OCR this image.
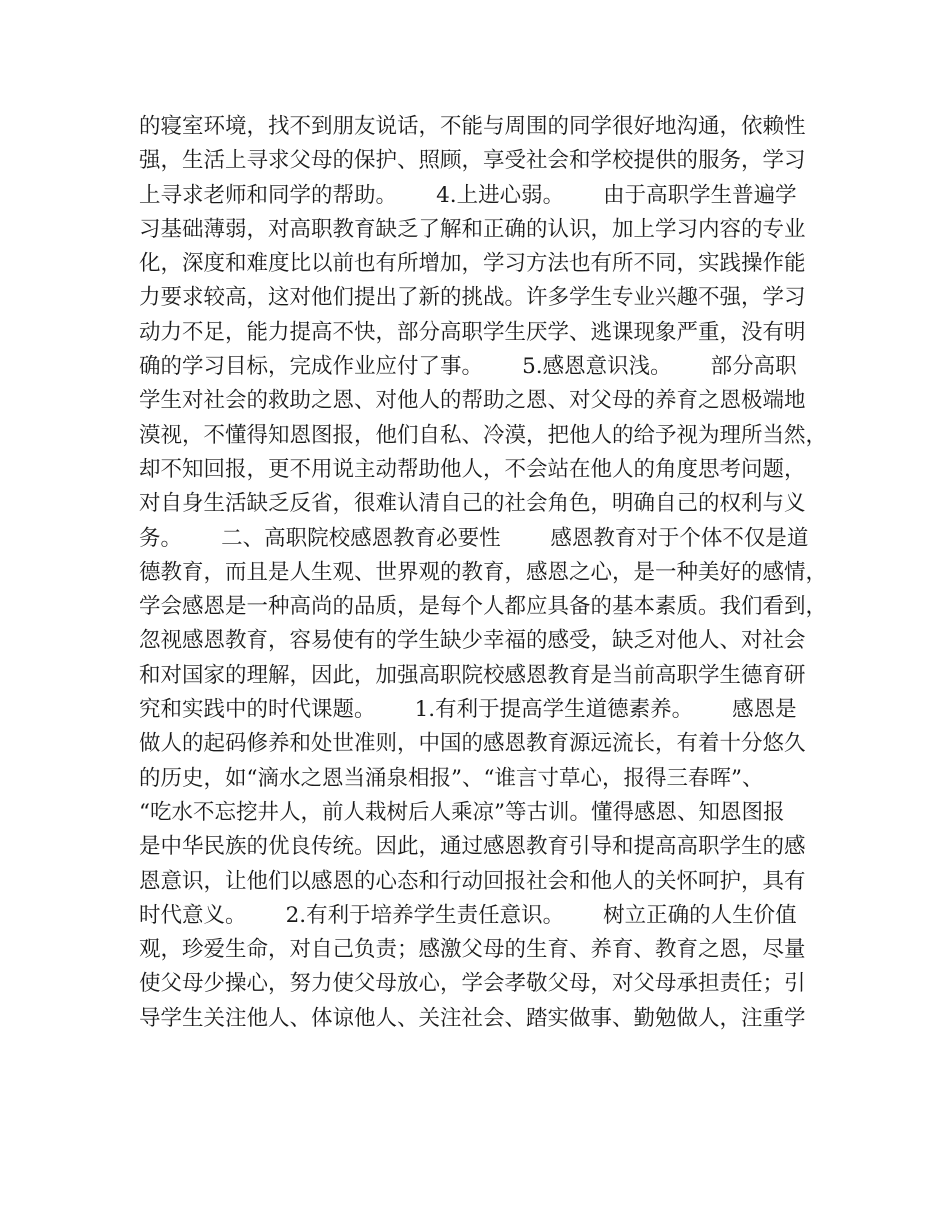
的寝室环境，找不到朋友说话，不能与周围的同学很好地沟通，依赖性
强，生活上寻求父母的保护、照顾，享受社会和学校提供的服务，学习
上寻求老师和同学的帮助。　　 4.上进心弱。　　 由于高职学生普遍学
习基础薄弱，对高职教育缺乏了解和正确的认识，加上学习内容的专业
化，深度和难度比以前也有所增加，学习方法也有所不同，实践操作能
力要求较高，这对他们提出了新的挑战。许多学生专业兴趣不强，学习
动力不足，能力提高不快，部分高职学生厌学、逃课现象严重，没有明
确的学习目标，完成作业应付了事。　　 5.感恩意识浅。　　 部分高职
学生对社会的救助之恩、对他人的帮助之恩、对父母的养育之恩极端地
漠视，不懂得知恩图报，他们自私、冷漠，把他人的给予视为理所当然，
却不知回报，更不用说主动帮助他人，不会站在他人的角度思考问题，
对自身生活缺乏反省，很难认清自己的社会角色，明确自己的权利与义
务。　　 二、高职院校感恩教育必要性　　 感恩教育对于个体不仅是道
德教育，而且是人生观、世界观的教育，感恩之心，是一种美好的感情，
学会感恩是一种高尚的品质，是每个人都应具备的基本素质。我们看到，
忽视感恩教育，容易使有的学生缺少幸福的感受，缺乏对他人、对社会
和对国家的理解，因此，加强高职院校感恩教育是当前高职学生德育研
究和实践中的时代课题。　　 1.有利于提高学生道德素养。　　 感恩是
做人的起码修养和处世准则，中国的感恩教育源远流长，有着十分悠久
的历史，如“滴水之恩当涌泉相报”、“谁言寸草心，报得三春晖”、
“吃水不忘挖井人，前人栽树后人乘凉”等古训。懂得感恩、知恩图报
是中华民族的优良传统。因此，通过感恩教育引导和提高高职学生的感
恩意识，让他们以感恩的心态和行动回报社会和他人的关怀呵护，具有
时代意义。　　 2.有利于培养学生责任意识。　　 树立正确的人生价值
观，珍爱生命，对自己负责；感激父母的生育、养育、教育之恩，尽量
使父母少操心，努力使父母放心，学会孝敬父母，对父母承担责任；引
导学生关注他人、体谅他人、关注社会、踏实做事、勤勉做人，注重学
